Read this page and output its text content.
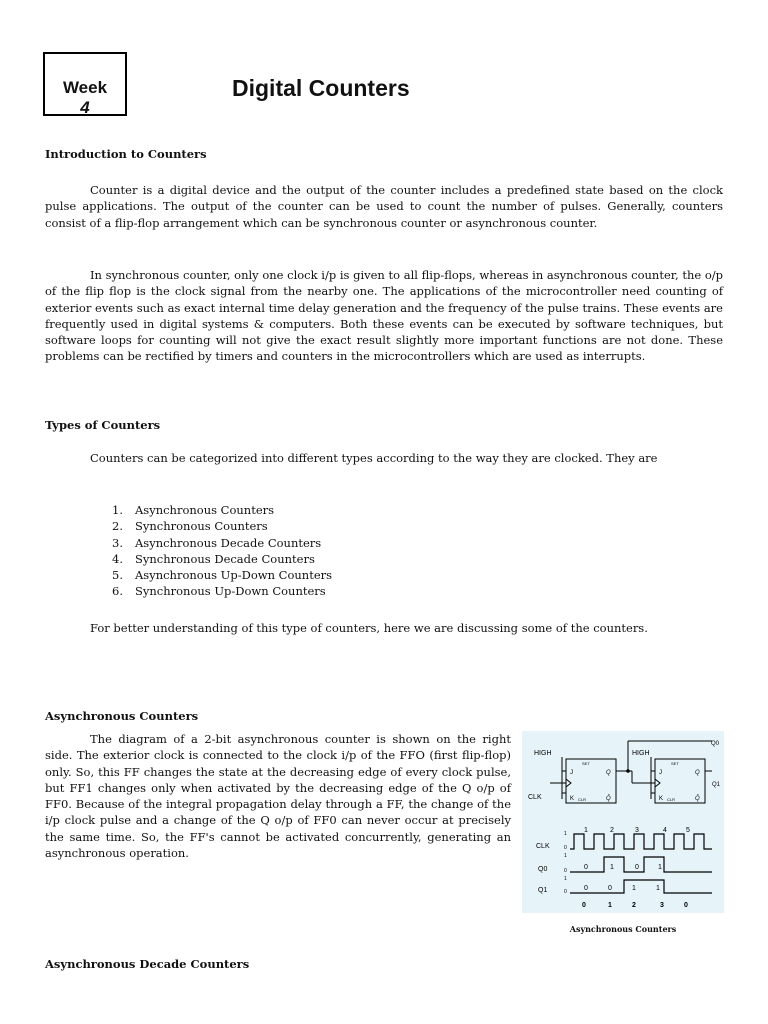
Week
4
Digital Counters
Introduction to Counters

Counter is a digital device and the output of the counter includes a predefined state based on the clock pulse applications. The output of the counter can be used to count the number of pulses. Generally, counters consist of a flip-flop arrangement which can be synchronous counter or asynchronous counter.

In synchronous counter, only one clock i/p is given to all flip-flops, whereas in asynchronous counter, the o/p of the flip flop is the clock signal from the nearby one. The applications of the microcontroller need counting of exterior events such as exact internal time delay generation and the frequency of the pulse trains. These events are frequently used in digital systems & computers. Both these events can be executed by software techniques, but software loops for counting will not give the exact result slightly more important functions are not done. These problems can be rectified by timers and counters in the microcontrollers which are used as interrupts.

Types of Counters

Counters can be categorized into different types according to the way they are clocked. They are

1. Asynchronous Counters
2. Synchronous Counters
3. Asynchronous Decade Counters
4. Synchronous Decade Counters
5. Asynchronous Up-Down Counters
6. Synchronous Up-Down Counters

For better understanding of this type of counters, here we are discussing some of the counters.

Asynchronous Counters

The diagram of a 2-bit asynchronous counter is shown on the right side. The exterior clock is connected to the clock i/p of the FFO (first flip-flop) only. So, this FF changes the state at the decreasing edge of every clock pulse, but FF1 changes only when activated by the decreasing edge of the Q o/p of FF0. Because of the integral propagation delay through a FF, the change of the i/p clock pulse and a change of the Q o/p of FF0 can never occur at precisely the same time. So, the FF's cannot be activated concurrently, generating an asynchronous operation.

HIGH	HIGH
CLK
Q0
Q1
J
SET
Q
K CLR	Q̄
J
SET
Q
K CLR	Q̄
CLK
Q0
Q1
1
0
1
0
1
0
1	2	3	4	5
0	1	0	1
0	0	1	1
0	1	2	3	0

Asynchronous Counters

Asynchronous Decade Counters
